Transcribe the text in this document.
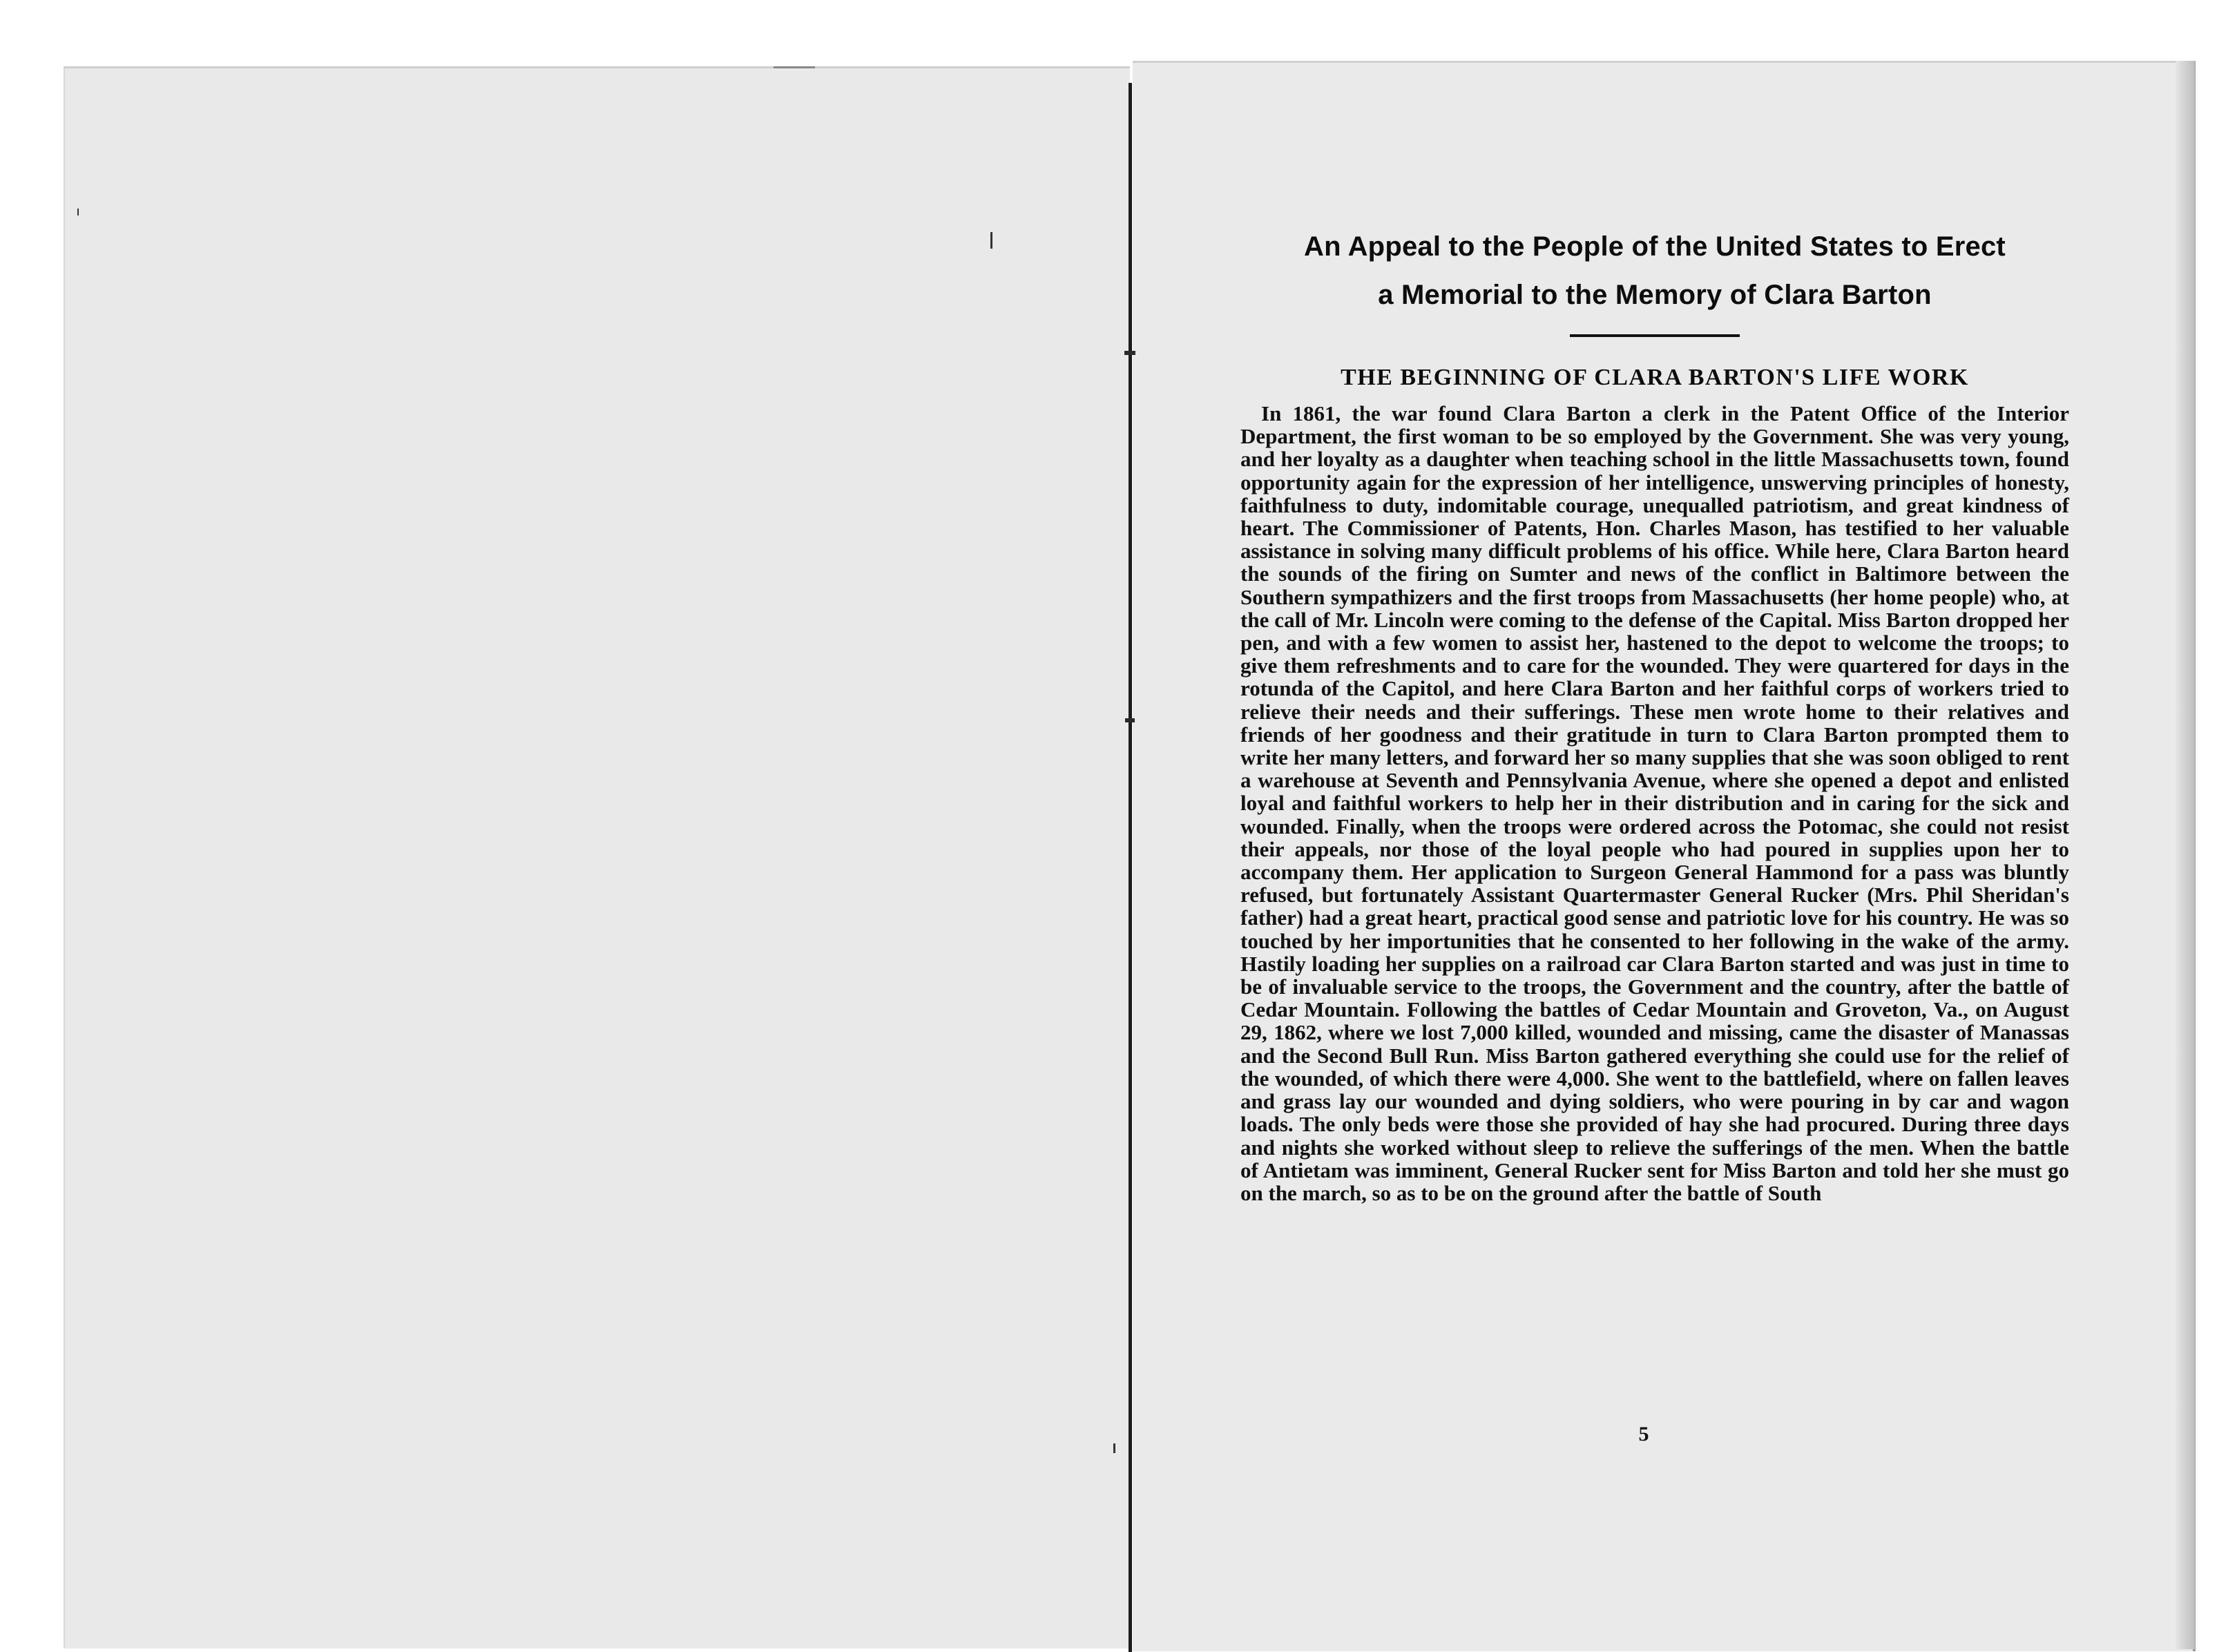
An Appeal to the People of the United States to Erect
a Memorial to the Memory of Clara Barton
THE BEGINNING OF CLARA BARTON'S LIFE WORK

In 1861, the war found Clara Barton a clerk in the Patent Office of the Interior Department, the first woman to be so employed by the Government. She was very young, and her loyalty as a daughter when teaching school in the little Massachusetts town, found opportunity again for the expression of her intelligence, unswerving principles of honesty, faithfulness to duty, indomitable courage, unequalled patriotism, and great kindness of heart. The Commissioner of Patents, Hon. Charles Mason, has testified to her valuable assistance in solving many difficult problems of his office. While here, Clara Barton heard the sounds of the firing on Sumter and news of the conflict in Baltimore between the Southern sympathizers and the first troops from Massachusetts (her home people) who, at the call of Mr. Lincoln were coming to the defense of the Capital. Miss Barton dropped her pen, and with a few women to assist her, hastened to the depot to welcome the troops; to give them refreshments and to care for the wounded. They were quartered for days in the rotunda of the Capitol, and here Clara Barton and her faithful corps of workers tried to relieve their needs and their sufferings. These men wrote home to their relatives and friends of her goodness and their gratitude in turn to Clara Barton prompted them to write her many letters, and forward her so many supplies that she was soon obliged to rent a warehouse at Seventh and Pennsylvania Avenue, where she opened a depot and enlisted loyal and faithful workers to help her in their distribution and in caring for the sick and wounded. Finally, when the troops were ordered across the Potomac, she could not resist their appeals, nor those of the loyal people who had poured in supplies upon her to accompany them. Her application to Surgeon General Hammond for a pass was bluntly refused, but fortunately Assistant Quartermaster General Rucker (Mrs. Phil Sheridan's father) had a great heart, practical good sense and patriotic love for his country. He was so touched by her importunities that he consented to her following in the wake of the army. Hastily loading her supplies on a railroad car Clara Barton started and was just in time to be of invaluable service to the troops, the Government and the country, after the battle of Cedar Mountain. Following the battles of Cedar Mountain and Groveton, Va., on August 29, 1862, where we lost 7,000 killed, wounded and missing, came the disaster of Manassas and the Second Bull Run. Miss Barton gathered everything she could use for the relief of the wounded, of which there were 4,000. She went to the battlefield, where on fallen leaves and grass lay our wounded and dying soldiers, who were pouring in by car and wagon loads. The only beds were those she provided of hay she had procured. During three days and nights she worked without sleep to relieve the sufferings of the men. When the battle of Antietam was imminent, General Rucker sent for Miss Barton and told her she must go on the march, so as to be on the ground after the battle of South

5
